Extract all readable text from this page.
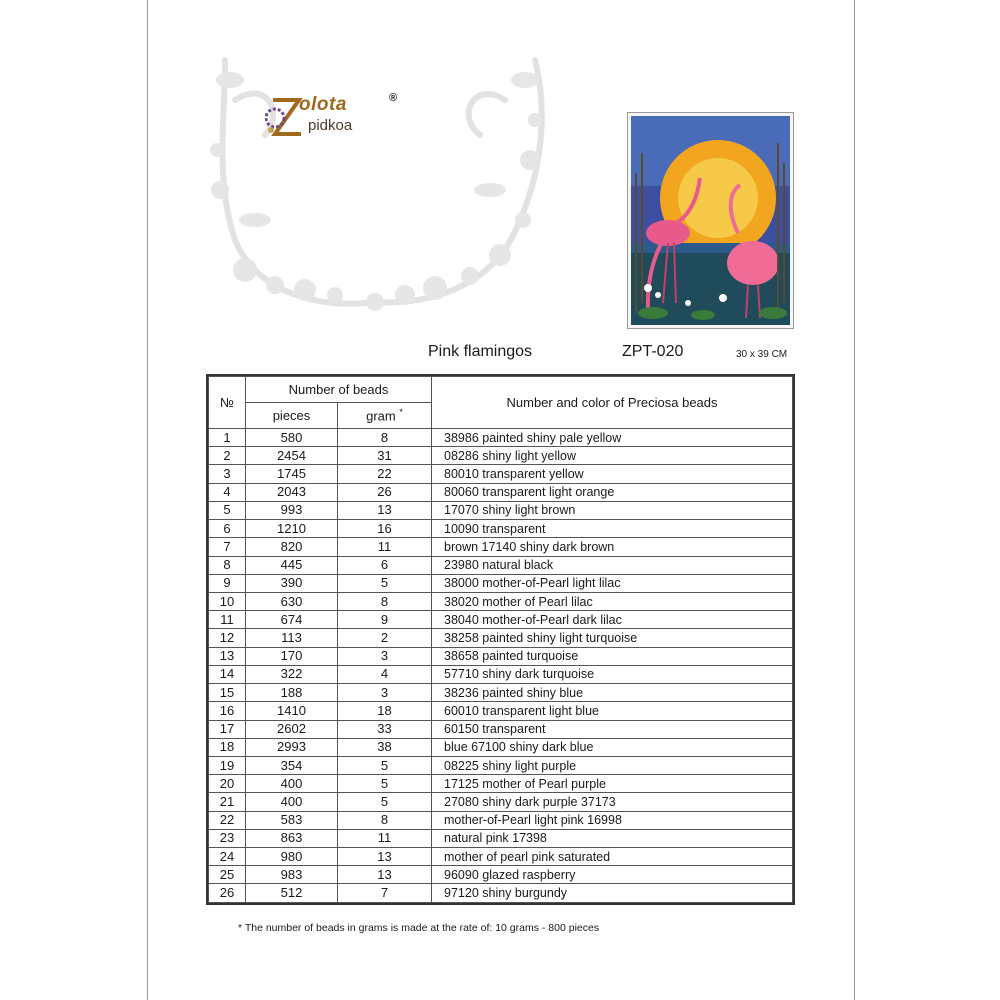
olota
pidkoa
®
Pink flamingos	ZPT-020	30 x 39 CM
№	Number of beads		Number and color of Preciosa beads
	pieces	gram *
1	580	8	38986 painted shiny pale yellow
2	2454	31	08286 shiny light yellow
3	1745	22	80010 transparent yellow
4	2043	26	80060 transparent light orange
5	993	13	17070 shiny light brown
6	1210	16	10090 transparent
7	820	11	brown 17140 shiny dark brown
8	445	6	23980 natural black
9	390	5	38000 mother-of-Pearl light lilac
10	630	8	38020 mother of Pearl lilac
11	674	9	38040 mother-of-Pearl dark lilac
12	113	2	38258 painted shiny light turquoise
13	170	3	38658 painted turquoise
14	322	4	57710 shiny dark turquoise
15	188	3	38236 painted shiny blue
16	1410	18	60010 transparent light blue
17	2602	33	60150 transparent
18	2993	38	blue 67100 shiny dark blue
19	354	5	08225 shiny light purple
20	400	5	17125 mother of Pearl purple
21	400	5	27080 shiny dark purple 37173
22	583	8	mother-of-Pearl light pink 16998
23	863	11	natural pink 17398
24	980	13	mother of pearl pink saturated
25	983	13	96090 glazed raspberry
26	512	7	97120 shiny burgundy
* The number of beads in grams is made at the rate of: 10 grams - 800 pieces
